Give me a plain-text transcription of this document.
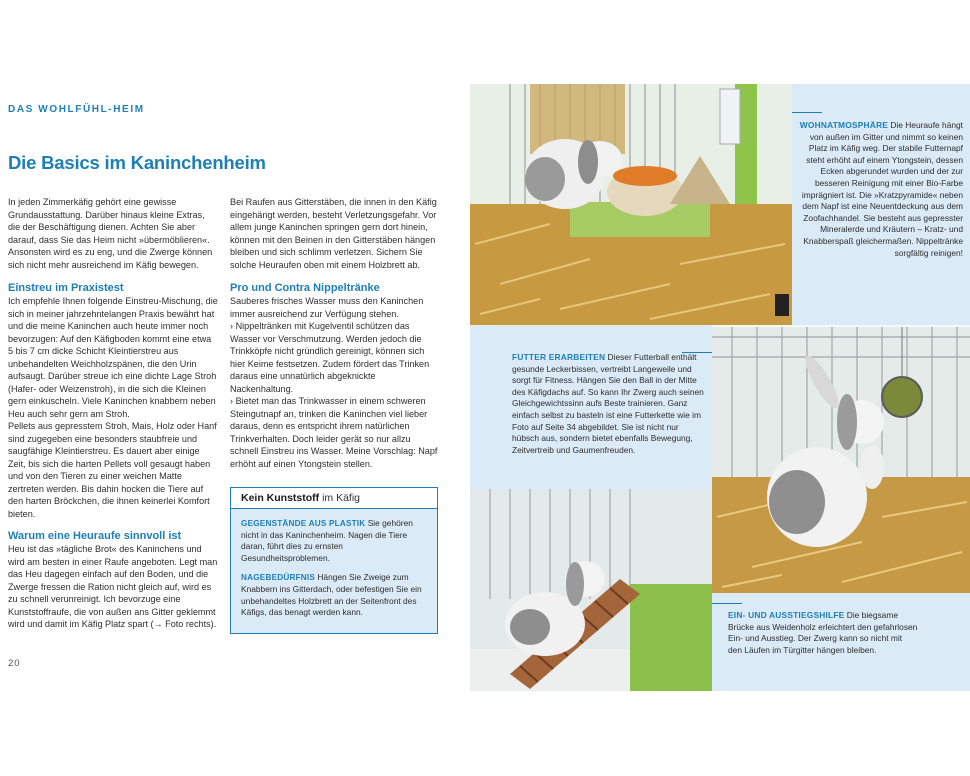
DAS WOHLFÜHL-HEIM
Die Basics im Kaninchenheim

In jeden Zimmerkäfig gehört eine gewisse Grundausstattung. Darüber hinaus kleine Extras, die der Beschäftigung dienen. Achten Sie aber darauf, dass Sie das Heim nicht »übermöblieren«. Ansonsten wird es zu eng, und die Zwerge können sich nicht mehr ausreichend im Käfig bewegen.

Einstreu im Praxistest

Ich empfehle Ihnen folgende Einstreu-Mischung, die sich in meiner jahrzehntelangen Praxis bewährt hat und die meine Kaninchen auch heute immer noch bevorzugen: Auf den Käfigboden kommt eine etwa 5 bis 7 cm dicke Schicht Kleintierstreu aus unbehandelten Weichholzspänen, die den Urin aufsaugt. Darüber streue ich eine dichte Lage Stroh (Hafer- oder Weizenstroh), in die sich die Kleinen gern einkuscheln. Viele Kaninchen knabbern neben Heu auch sehr gern am Stroh.

Pellets aus gepresstem Stroh, Mais, Holz oder Hanf sind zugegeben eine besonders staubfreie und saugfähige Kleintierstreu. Es dauert aber einige Zeit, bis sich die harten Pellets voll gesaugt haben und von den Tieren zu einer weichen Matte zertreten werden. Bis dahin hocken die Tiere auf den harten Bröckchen, die ihnen keinerlei Komfort bieten.

Warum eine Heuraufe sinnvoll ist

Heu ist das »tägliche Brot« des Kaninchens und wird am besten in einer Raufe angeboten. Legt man das Heu dagegen einfach auf den Boden, und die Zwerge fressen die Ration nicht gleich auf, wird es zu schnell verunreinigt. Ich bevorzuge eine Kunststoffraufe, die von außen ans Gitter geklemmt wird und damit im Käfig Platz spart (→ Foto rechts).

Bei Raufen aus Gitterstäben, die innen in den Käfig eingehängt werden, besteht Verletzungsgefahr. Vor allem junge Kaninchen springen gern dort hinein, können mit den Beinen in den Gitterstäben hängen bleiben und sich schlimm verletzen. Sichern Sie solche Heuraufen oben mit einem Holzbrett ab.

Pro und Contra Nippeltränke

Sauberes frisches Wasser muss den Kaninchen immer ausreichend zur Verfügung stehen.

› Nippeltränken mit Kugelventil schützen das Wasser vor Verschmutzung. Werden jedoch die Trinkköpfe nicht gründlich gereinigt, können sich hier Keime festsetzen. Zudem fördert das Trinken daraus eine unnatürlich abgeknickte Nackenhaltung.

› Bietet man das Trinkwasser in einem schweren Steingutnapf an, trinken die Kaninchen viel lieber daraus, denn es entspricht ihrem natürlichen Trinkverhalten. Doch leider gerät so nur allzu schnell Einstreu ins Wasser. Meine Vorschlag: Napf erhöht auf einen Ytongstein stellen.

Kein Kunststoff im Käfig

GEGENSTÄNDE AUS PLASTIK Sie gehören nicht in das Kaninchenheim. Nagen die Tiere daran, führt dies zu ernsten Gesundheitsproblemen.

NAGEBEDÜRFNIS Hängen Sie Zweige zum Knabbern ins Gitterdach, oder befestigen Sie ein unbehandeltes Holzbrett an der Seitenfront des Käfigs, das benagt werden kann.

20
WOHNATMOSPHÄRE Die Heuraufe hängt von außen im Gitter und nimmt so keinen Platz im Käfig weg. Der stabile Futternapf steht erhöht auf einem Ytongstein, dessen Ecken abgerundet wurden und der zur besseren Reinigung mit einer Bio-Farbe imprägniert ist. Die »Kratzpyramide« neben dem Napf ist eine Neuentdeckung aus dem Zoofachhandel. Sie besteht aus gepresster Mineralerde und Kräutern – Kratz- und Knabberspaß gleichermaßen. Nippeltränke sorgfältig reinigen!
FUTTER ERARBEITEN Dieser Futterball enthält gesunde Leckerbissen, vertreibt Langeweile und sorgt für Fitness. Hängen Sie den Ball in der Mitte des Käfigdachs auf. So kann Ihr Zwerg auch seinen Gleichgewichtssinn aufs Beste trainieren. Ganz einfach selbst zu basteln ist eine Futterkette wie im Foto auf Seite 34 abgebildet. Sie ist nicht nur hübsch aus, sondern bietet ebenfalls Bewegung, Zeitvertreib und Gaumenfreuden.
EIN- UND AUSSTIEGSHILFE Die biegsame Brücke aus Weidenholz erleichtert den gefahrlosen Ein- und Ausstieg. Der Zwerg kann so nicht mit den Läufen im Türgitter hängen bleiben.
